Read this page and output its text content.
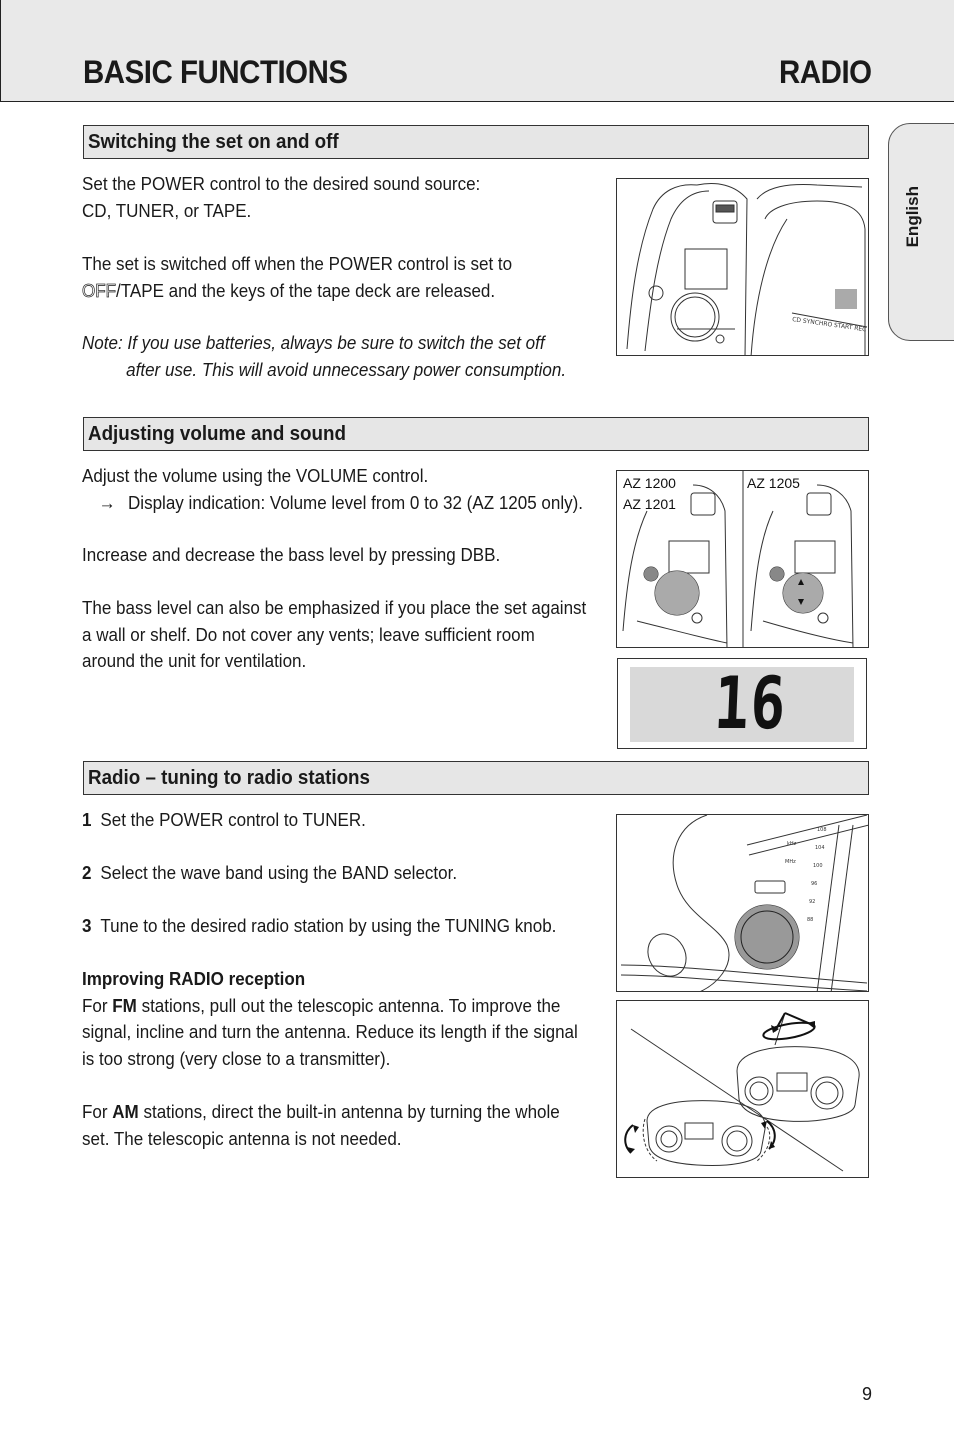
BASIC FUNCTIONS	RADIO
English
Switching the set on and off
Set the POWER control to the desired sound source:
CD, TUNER, or TAPE.
The set is switched off when the POWER control is set to
OFF/TAPE and the keys of the tape deck are released.
Note: If you use batteries, always be sure to switch the set off
after use. This will avoid unnecessary power consumption.
CD SYNCHRO START REC
Adjusting volume and sound
Adjust the volume using the VOLUME control.
→ Display indication: Volume level from 0 to 32 (AZ 1205 only).
Increase and decrease the bass level by pressing DBB.
The bass level can also be emphasized if you place the set against
a wall or shelf. Do not cover any vents; leave sufficient room
around the unit for ventilation.
AZ 1200
AZ 1201
AZ 1205
16
Radio – tuning to radio stations
1 Set the POWER control to TUNER.
2 Select the wave band using the BAND selector.
3 Tune to the desired radio station by using the TUNING knob.
Improving RADIO reception
For FM stations, pull out the telescopic antenna. To improve the
signal, incline and turn the antenna. Reduce its length if the signal
is too strong (very close to a transmitter).
For AM stations, direct the built-in antenna by turning the whole
set. The telescopic antenna is not needed.
108
104
100
96
92
88
kHz
MHz
9
